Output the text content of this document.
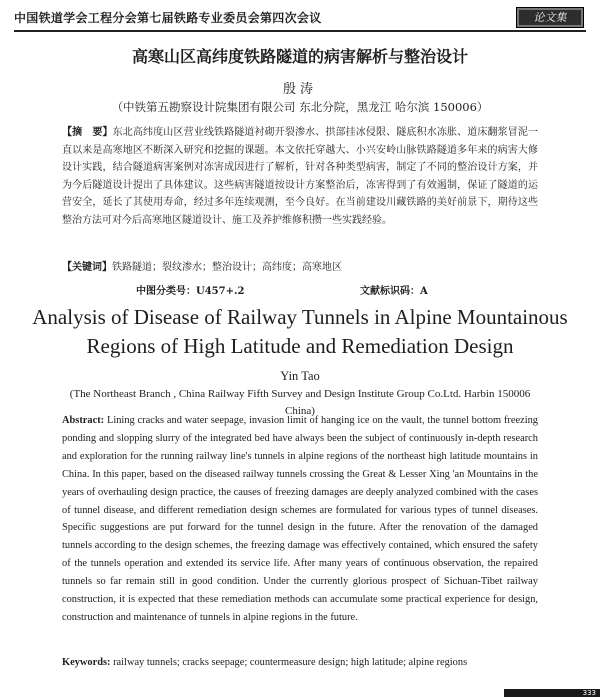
中国铁道学会工程分会第七届铁路专业委员会第四次会议	论文集
高寒山区高纬度铁路隧道的病害解析与整治设计
殷涛
（中铁第五勘察设计院集团有限公司 东北分院，黑龙江 哈尔滨 150006）
【摘　要】东北高纬度山区营业线铁路隧道衬砌开裂渗水、拱部挂冰侵限、隧底积水冻胀、道床翻浆冒泥一直以来是高寒地区不断深入研究和挖掘的课题。本文依托穿越大、小兴安岭山脉铁路隧道多年来的病害大修设计实践，结合隧道病害案例对冻害成因进行了解析，针对各种类型病害，制定了不同的整治设计方案，并为今后隧道设计提出了具体建议。这些病害隧道按设计方案整治后，冻害得到了有效遏制，保证了隧道的运营安全，延长了其使用寿命，经过多年连续观测，至今良好。在当前建设川藏铁路的美好前景下，期待这些整治方法可对今后高寒地区隧道设计、施工及养护维修积攒一些实践经验。
【关键词】铁路隧道；裂纹渗水；整治设计；高纬度；高寒地区
中图分类号：U457+.2	文献标识码：A
Analysis of Disease of Railway Tunnels in Alpine Mountainous
Regions of High Latitude and Remediation Design
Yin Tao
(The Northeast Branch , China Railway Fifth Survey and Design Institute Group Co.Ltd. Harbin 150006 China)
Abstract: Lining cracks and water seepage, invasion limit of hanging ice on the vault, the tunnel bottom freezing ponding and slopping slurry of the integrated bed have always been the subject of continuously in-depth research and exploration for the running railway line's tunnels in alpine regions of the northeast high latitude mountains in China. In this paper, based on the diseased railway tunnels crossing the Great & Lesser Xing 'an Mountains in the years of overhauling design practice, the causes of freezing damages are deeply analyzed combined with the cases of tunnel disease, and different remediation design schemes are formulated for various types of tunnel diseases. Specific suggestions are put forward for the tunnel design in the future. After the renovation of the damaged tunnels according to the design schemes, the freezing damage was effectively contained, which ensured the safety of the tunnels operation and extended its service life. After many years of continuous observation, the repaired tunnels so far remain still in good condition. Under the currently glorious prospect of Sichuan-Tibet railway construction, it is expected that these remediation methods can accumulate some practical experience for design, construction and maintenance of tunnels in alpine regions in the future.
Keywords: railway tunnels; cracks seepage; countermeasure design; high latitude; alpine regions
333
